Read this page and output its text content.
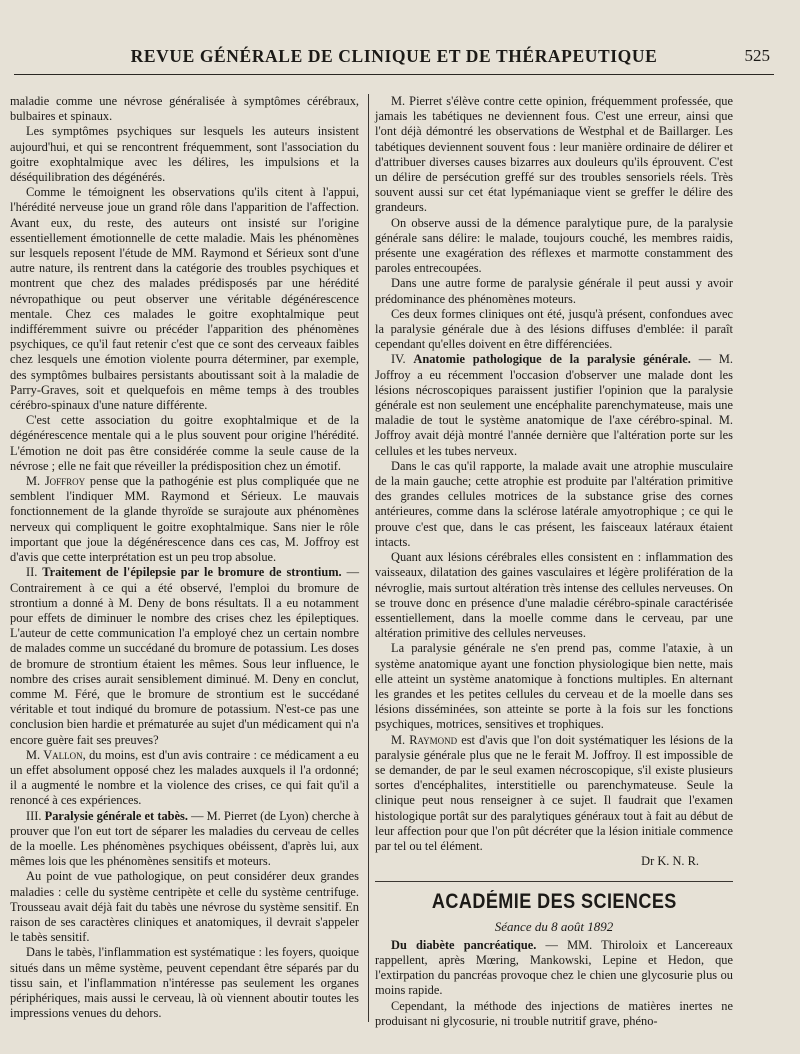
REVUE GÉNÉRALE DE CLINIQUE ET DE THÉRAPEUTIQUE	525

maladie comme une névrose généralisée à symptômes cérébraux, bulbaires et spinaux.

Les symptômes psychiques sur lesquels les auteurs insistent aujourd'hui, et qui se rencontrent fréquemment, sont l'association du goitre exophtalmique avec les délires, les impulsions et la déséquilibration des dégénérés.

Comme le témoignent les observations qu'ils citent à l'appui, l'hérédité nerveuse joue un grand rôle dans l'apparition de l'affection. Avant eux, du reste, des auteurs ont insisté sur l'origine essentiellement émotionnelle de cette maladie. Mais les phénomènes sur lesquels reposent l'étude de MM. Raymond et Sérieux sont d'une autre nature, ils rentrent dans la catégorie des troubles psychiques et montrent que chez des malades prédisposés par une hérédité névropathique ou peut observer une véritable dégénérescence mentale. Chez ces malades le goitre exophtalmique peut indifféremment suivre ou précéder l'apparition des phénomènes psychiques, ce qu'il faut retenir c'est que ce sont des cerveaux faibles chez lesquels une émotion violente pourra déterminer, par exemple, des symptômes bulbaires persistants aboutissant soit à la maladie de Parry-Graves, soit et quelquefois en même temps à des troubles cérébro-spinaux d'une nature différente.

C'est cette association du goitre exophtalmique et de la dégénérescence mentale qui a le plus souvent pour origine l'hérédité. L'émotion ne doit pas être considérée comme la seule cause de la névrose ; elle ne fait que réveiller la prédisposition chez un émotif.

M. Joffroy pense que la pathogénie est plus compliquée que ne semblent l'indiquer MM. Raymond et Sérieux. Le mauvais fonctionnement de la glande thyroïde se surajoute aux phénomènes nerveux qui compliquent le goitre exophtalmique. Sans nier le rôle important que joue la dégénérescence dans ces cas, M. Joffroy est d'avis que cette interprétation est un peu trop absolue.

II. Traitement de l'épilepsie par le bromure de strontium. — Contrairement à ce qui a été observé, l'emploi du bromure de strontium a donné à M. Deny de bons résultats. Il a eu notamment pour effets de diminuer le nombre des crises chez les épileptiques. L'auteur de cette communication l'a employé chez un certain nombre de malades comme un succédané du bromure de potassium. Les doses de bromure de strontium étaient les mêmes. Sous leur influence, le nombre des crises aurait sensiblement diminué. M. Deny en conclut, comme M. Féré, que le bromure de strontium est le succédané véritable et tout indiqué du bromure de potassium. N'est-ce pas une conclusion bien hardie et prématurée au sujet d'un médicament qui n'a encore guère fait ses preuves?

M. Vallon, du moins, est d'un avis contraire : ce médicament a eu un effet absolument opposé chez les malades auxquels il l'a ordonné; il a augmenté le nombre et la violence des crises, ce qui fait qu'il a renoncé à ces expériences.

III. Paralysie générale et tabès. — M. Pierret (de Lyon) cherche à prouver que l'on eut tort de séparer les maladies du cerveau de celles de la moelle. Les phénomènes psychiques obéissent, d'après lui, aux mêmes lois que les phénomènes sensitifs et moteurs.

Au point de vue pathologique, on peut considérer deux grandes maladies : celle du système centripète et celle du système centrifuge. Trousseau avait déjà fait du tabès une névrose du système sensitif. En raison de ses caractères cliniques et anatomiques, il devrait s'appeler le tabès sensitif.

Dans le tabès, l'inflammation est systématique : les foyers, quoique situés dans un même système, peuvent cependant être séparés par du tissu sain, et l'inflammation n'intéresse pas seulement les organes périphériques, mais aussi le cerveau, là où viennent aboutir toutes les impressions venues du dehors.

M. Pierret s'élève contre cette opinion, fréquemment professée, que jamais les tabétiques ne deviennent fous. C'est une erreur, ainsi que l'ont déjà démontré les observations de Westphal et de Baillarger. Les tabétiques deviennent souvent fous : leur manière ordinaire de délirer et d'attribuer diverses causes bizarres aux douleurs qu'ils éprouvent. C'est un délire de persécution greffé sur des troubles sensoriels réels. Très souvent aussi sur cet état lypémaniaque vient se greffer le délire des grandeurs.

On observe aussi de la démence paralytique pure, de la paralysie générale sans délire: le malade, toujours couché, les membres raidis, présente une exagération des réflexes et marmotte constamment des paroles entrecoupées.

Dans une autre forme de paralysie générale il peut aussi y avoir prédominance des phénomènes moteurs.

Ces deux formes cliniques ont été, jusqu'à présent, confondues avec la paralysie générale due à des lésions diffuses d'emblée: il paraît cependant qu'elles doivent en être différenciées.

IV. Anatomie pathologique de la paralysie générale. — M. Joffroy a eu récemment l'occasion d'observer une malade dont les lésions nécroscopiques paraissent justifier l'opinion que la paralysie générale est non seulement une encéphalite parenchymateuse, mais une maladie de tout le système anatomique de l'axe cérébro-spinal. M. Joffroy avait déjà montré l'année dernière que l'altération porte sur les cellules et les tubes nerveux.

Dans le cas qu'il rapporte, la malade avait une atrophie musculaire de la main gauche; cette atrophie est produite par l'altération primitive des grandes cellules motrices de la substance grise des cornes antérieures, comme dans la sclérose latérale amyotrophique ; ce qui le prouve c'est que, dans le cas présent, les faisceaux latéraux étaient intacts.

Quant aux lésions cérébrales elles consistent en : inflammation des vaisseaux, dilatation des gaines vasculaires et légère prolifération de la névroglie, mais surtout altération très intense des cellules nerveuses. On se trouve donc en présence d'une maladie cérébro-spinale caractérisée essentiellement, dans la moelle comme dans le cerveau, par une altération primitive des cellules nerveuses.

La paralysie générale ne s'en prend pas, comme l'ataxie, à un système anatomique ayant une fonction physiologique bien nette, mais elle atteint un système anatomique à fonctions multiples. En alternant les grandes et les petites cellules du cerveau et de la moelle dans ses lésions disséminées, son atteinte se porte à la fois sur les fonctions psychiques, motrices, sensitives et trophiques.

M. Raymond est d'avis que l'on doit systématiquer les lésions de la paralysie générale plus que ne le ferait M. Joffroy. Il est impossible de se demander, de par le seul examen nécroscopique, s'il existe plusieurs sortes d'encéphalites, interstitielle ou parenchymateuse. Seule la clinique peut nous renseigner à ce sujet. Il faudrait que l'examen histologique portât sur des paralytiques généraux tout à fait au début de leur affection pour que l'on pût décréter que la lésion initiale commence par tel ou tel élément.

Dr K. N. R.

ACADÉMIE DES SCIENCES
Séance du 8 août 1892

Du diabète pancréatique. — MM. Thiroloix et Lancereaux rappellent, après Mœring, Mankowski, Lepine et Hedon, que l'extirpation du pancréas provoque chez le chien une glycosurie plus ou moins rapide.

Cependant, la méthode des injections de matières inertes ne produisant ni glycosurie, ni trouble nutritif grave, phéno-
